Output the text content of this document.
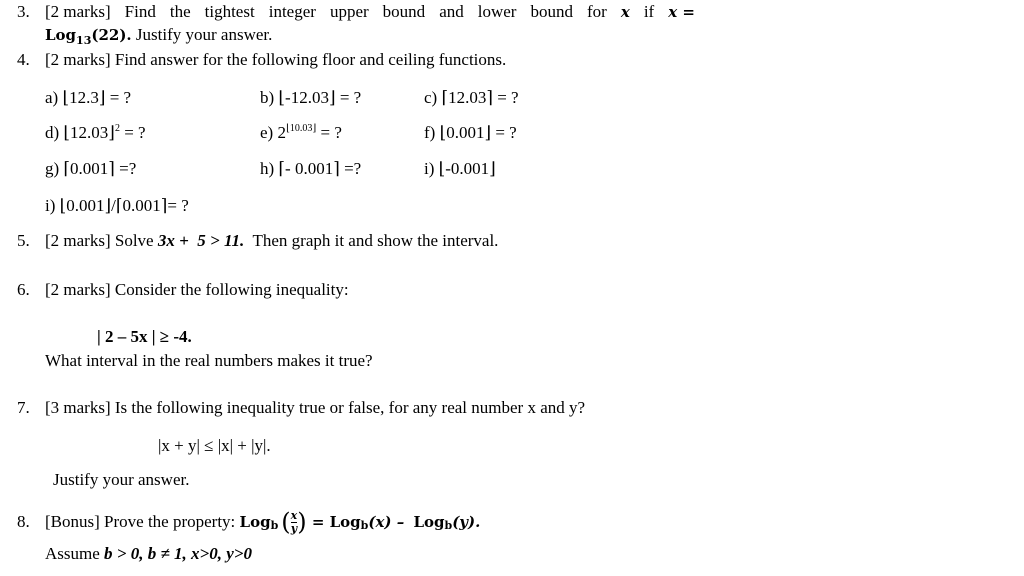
3. [2 marks] Find the tightest integer upper bound and lower bound for x if x =
Log$_{13}$(22). Justify your answer.
4. [2 marks] Find answer for the following floor and ceiling functions.
a) ⌊12.3⌋ = ?	b) ⌊-12.03⌋ = ?	c) ⌈12.03⌉ = ?
d) ⌊12.03⌋$^2$ = ?	e) $2^{⌊10.03⌋}$ = ?	f) ⌊0.001⌋ = ?
g) ⌈0.001⌉ =?	h) ⌈- 0.001⌉ =?	i) ⌊-0.001⌋
i) ⌊0.001⌋/⌈0.001⌉= ?
5. [2 marks] Solve 3x +  5 > 11.  Then graph it and show the interval.
6. [2 marks] Consider the following inequality:
| 2 – 5x | ≥ -4.
What interval in the real numbers makes it true?
7. [3 marks] Is the following inequality true or false, for any real number x and y?
|x + y| ≤ |x| + |y|.
Justify your answer.
8. [Bonus] Prove the property: Log b ( $\frac{x}{y}$ ) = Log b (x) – Log b (y).
Assume b > 0, b ≠ 1, x>0, y>0
